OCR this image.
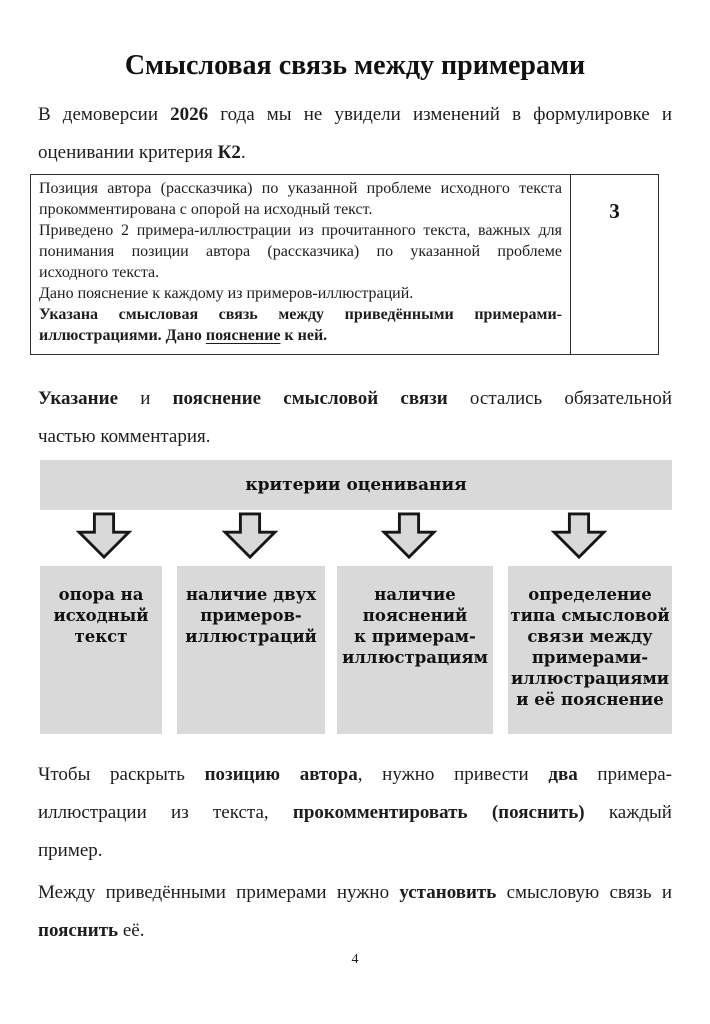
Смысловая связь между примерами
В демоверсии 2026 года мы не увидели изменений в формулировке и
оценивании критерия К2.
Позиция автора (рассказчика) по указанной проблеме исходного текста
прокомментирована с опорой на исходный текст.
Приведено 2 примера-иллюстрации из прочитанного текста, важных для
понимания позиции автора (рассказчика) по указанной проблеме
исходного текста.
Дано пояснение к каждому из примеров-иллюстраций.
Указана смысловая связь между приведёнными примерами-
иллюстрациями. Дано пояснение к ней.
3
Указание и пояснение смысловой связи остались обязательной
частью комментария.
критерии оценивания
опора на
исходный
текст
наличие двух
примеров-
иллюстраций
наличие
пояснений
к примерам-
иллюстрациям
определение
типа смысловой
связи между
примерами-
иллюстрациями
и её пояснение
Чтобы раскрыть позицию автора, нужно привести два примера-
иллюстрации из текста, прокомментировать (пояснить) каждый
пример.
Между приведёнными примерами нужно установить смысловую связь и
пояснить её.
4
